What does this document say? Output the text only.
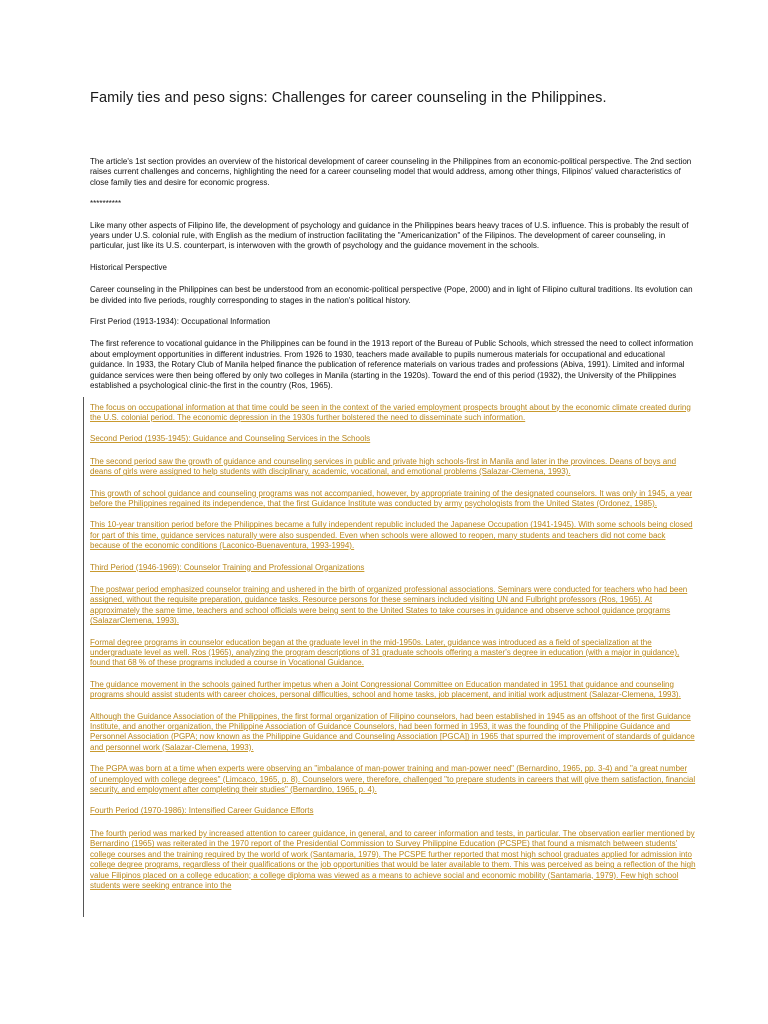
Family ties and peso signs: Challenges for career counseling in the Philippines.

The article's 1st section provides an overview of the historical development of career counseling in the Philippines from an economic-political perspective. The 2nd section raises current challenges and concerns, highlighting the need for a career counseling model that would address, among other things, Filipinos' valued characteristics of close family ties and desire for economic progress.

**********

Like many other aspects of Filipino life, the development of psychology and guidance in the Philippines bears heavy traces of U.S. influence. This is probably the result of years under U.S. colonial rule, with English as the medium of instruction facilitating the "Americanization" of the Filipinos. The development of career counseling, in particular, just like its U.S. counterpart, is interwoven with the growth of psychology and the guidance movement in the schools.

Historical Perspective

Career counseling in the Philippines can best be understood from an economic-political perspective (Pope, 2000) and in light of Filipino cultural traditions. Its evolution can be divided into five periods, roughly corresponding to stages in the nation's political history.

First Period (1913-1934): Occupational Information

The first reference to vocational guidance in the Philippines can be found in the 1913 report of the Bureau of Public Schools, which stressed the need to collect information about employment opportunities in different industries. From 1926 to 1930, teachers made available to pupils numerous materials for occupational and educational guidance. In 1933, the Rotary Club of Manila helped finance the publication of reference materials on various trades and professions (Abiva, 1991). Limited and informal guidance services were then being offered by only two colleges in Manila (starting in the 1920s). Toward the end of this period (1932), the University of the Philippines established a psychological clinic-the first in the country (Ros, 1965).

The focus on occupational information at that time could be seen in the context of the varied employment prospects brought about by the economic climate created during the U.S. colonial period. The economic depression in the 1930s further bolstered the need to disseminate such information.

Second Period (1935-1945): Guidance and Counseling Services in the Schools

The second period saw the growth of guidance and counseling services in public and private high schools-first in Manila and later in the provinces. Deans of boys and deans of girls were assigned to help students with disciplinary, academic, vocational, and emotional problems (Salazar-Clemena, 1993).

This growth of school guidance and counseling programs was not accompanied, however, by appropriate training of the designated counselors. It was only in 1945, a year before the Philippines regained its independence, that the first Guidance Institute was conducted by army psychologists from the United States (Ordonez, 1985).

This 10-year transition period before the Philippines became a fully independent republic included the Japanese Occupation (1941-1945). With some schools being closed for part of this time, guidance services naturally were also suspended. Even when schools were allowed to reopen, many students and teachers did not come back because of the economic conditions (Laconico-Buenaventura, 1993-1994).

Third Period (1946-1969): Counselor Training and Professional Organizations

The postwar period emphasized counselor training and ushered in the birth of organized professional associations. Seminars were conducted for teachers who had been assigned, without the requisite preparation, guidance tasks. Resource persons for these seminars included visiting UN and Fulbright professors (Ros, 1965). At approximately the same time, teachers and school officials were being sent to the United States to take courses in guidance and observe school guidance programs (SalazarClemena, 1993).

Formal degree programs in counselor education began at the graduate level in the mid-1950s. Later, guidance was introduced as a field of specialization at the undergraduate level as well. Ros (1965), analyzing the program descriptions of 31 graduate schools offering a master's degree in education (with a major in guidance), found that 68 % of these programs included a course in Vocational Guidance.

The guidance movement in the schools gained further impetus when a Joint Congressional Committee on Education mandated in 1951 that guidance and counseling programs should assist students with career choices, personal difficulties, school and home tasks, job placement, and initial work adjustment (Salazar-Clemena, 1993).

Although the Guidance Association of the Philippines, the first formal organization of Filipino counselors, had been established in 1945 as an offshoot of the first Guidance Institute, and another organization, the Philippine Association of Guidance Counselors, had been formed in 1953, it was the founding of the Philippine Guidance and Personnel Association (PGPA; now known as the Philippine Guidance and Counseling Association [PGCA]) in 1965 that spurred the improvement of standards of guidance and personnel work (Salazar-Clemena, 1993).

The PGPA was born at a time when experts were observing an "imbalance of man-power training and man-power need" (Bernardino, 1965, pp. 3-4) and "a great number of unemployed with college degrees" (Limcaco, 1965, p. 8). Counselors were, therefore, challenged "to prepare students in careers that will give them satisfaction, financial security, and employment after completing their studies" (Bernardino, 1965, p. 4).

Fourth Period (1970-1986): Intensified Career Guidance Efforts

The fourth period was marked by increased attention to career guidance, in general, and to career information and tests, in particular. The observation earlier mentioned by Bernardino (1965) was reiterated in the 1970 report of the Presidential Commission to Survey Philippine Education (PCSPE) that found a mismatch between students' college courses and the training required by the world of work (Santamaria, 1979). The PCSPE further reported that most high school graduates applied for admission into college degree programs, regardless of their qualifications or the job opportunities that would be later available to them. This was perceived as being a reflection of the high value Filipinos placed on a college education; a college diploma was viewed as a means to achieve social and economic mobility (Santamaria, 1979). Few high school students were seeking entrance into the
